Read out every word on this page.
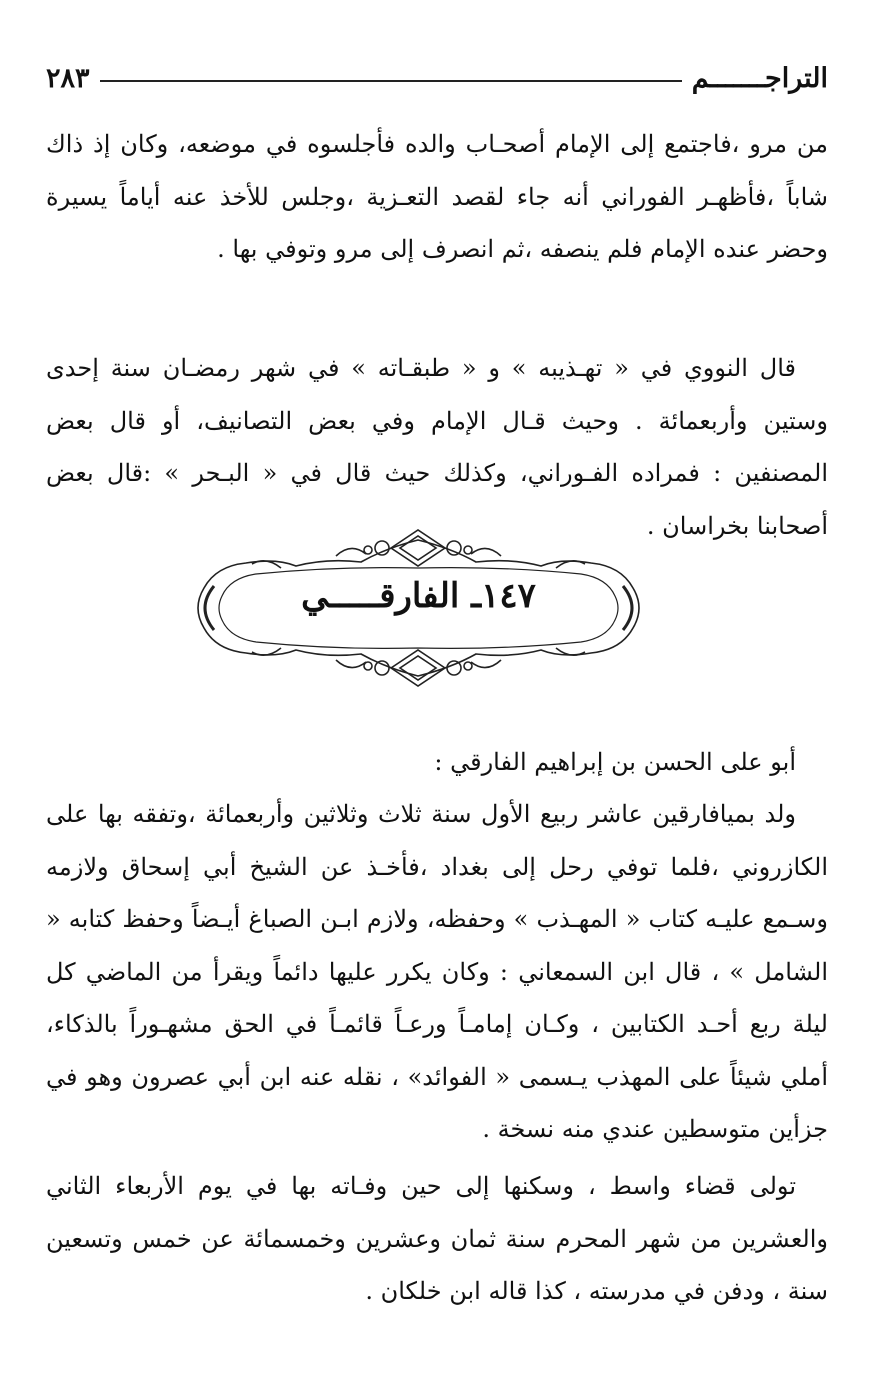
التراجـــــــم
٢٨٣

من مرو ،فاجتمع إلى الإمام أصحـاب والده فأجلسوه في موضعه، وكان إذ ذاك شاباً ،فأظهـر الفوراني أنه جاء لقصد التعـزية ،وجلس للأخذ عنه أياماً يسيرة وحضر عنده الإمام فلم ينصفه ،ثم انصرف إلى مرو وتوفي بها .

قال النووي في « تهـذيبه » و « طبقـاته » في شهر رمضـان سنة إحدى وستين وأربعمائة . وحيث قـال الإمام وفي بعض التصانيف، أو قال بعض المصنفين : فمراده الفـوراني، وكذلك حيث قال في « البـحر » :قال بعض أصحابنا بخراسان .

١٤٧ـ الفارقـــــي

أبو على الحسن بن إبراهيم الفارقي :

ولد بميافارقين عاشر ربيع الأول سنة ثلاث وثلاثين وأربعمائة ،وتفقه بها على الكازروني ،فلما توفي رحل إلى بغداد ،فأخـذ عن الشيخ أبي إسحاق ولازمه وسـمع عليـه كتاب « المهـذب » وحفظه، ولازم ابـن الصباغ أيـضاً وحفظ كتابه « الشامل » ، قال ابن السمعاني : وكان يكرر عليها دائماً ويقرأ من الماضي كل ليلة ربع أحـد الكتابين ، وكـان إمامـاً ورعـاً قائمـاً في الحق مشهـوراً بالذكاء، أملي شيئاً على المهذب يـسمى « الفوائد» ، نقله عنه ابن أبي عصرون وهو في جزأين متوسطين عندي منه نسخة .

تولى قضاء واسط ، وسكنها إلى حين وفـاته بها في يوم الأربعاء الثاني والعشرين من شهر المحرم سنة ثمان وعشرين وخمسمائة عن خمس وتسعين سنة ، ودفن في مدرسته ، كذا قاله ابن خلكان .
